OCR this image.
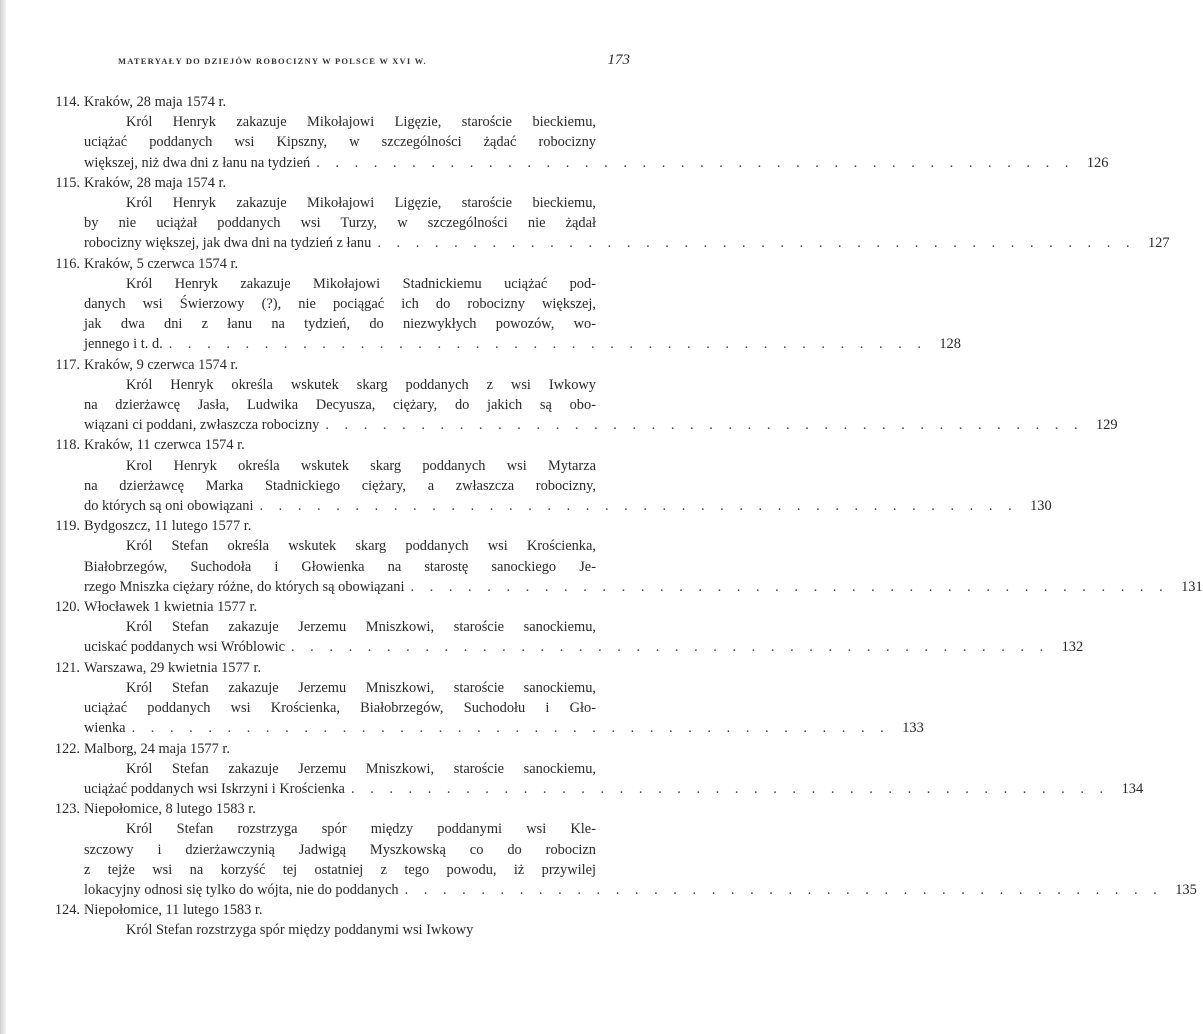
MATERYAŁY DO DZIEJÓW ROBOCIZNY W POLSCE W XVI W.	173
114. Kraków, 28 maja 1574 r.
Król Henryk zakazuje Mikołajowi Ligęzie, staroście bieckiemu,
uciążać poddanych wsi Kipszny, w szczególności żądać robocizny
większej, niż dwa dni z łanu na tydzień . . . . . . . . . . . . . . . . . . . . . . . . . . . . . . . . . . . . . . . . 126
115. Kraków, 28 maja 1574 r.
Król Henryk zakazuje Mikołajowi Ligęzie, staroście bieckiemu,
by nie uciążał poddanych wsi Turzy, w szczególności nie żądał
robocizny większej, jak dwa dni na tydzień z łanu . . . . . . . . . . . . . . . . . . . . . . . . . . . . . . . . . . . . . . . . 127
116. Kraków, 5 czerwca 1574 r.
Król Henryk zakazuje Mikołajowi Stadnickiemu uciążać pod-
danych wsi Świerzowy (?), nie pociągać ich do robocizny większej,
jak dwa dni z łanu na tydzień, do niezwykłych powozów, wo-
jennego i t. d. . . . . . . . . . . . . . . . . . . . . . . . . . . . . . . . . . . . . . . . . 128
117. Kraków, 9 czerwca 1574 r.
Król Henryk określa wskutek skarg poddanych z wsi Iwkowy
na dzierżawcę Jasła, Ludwika Decyusza, ciężary, do jakich są obo-
wiązani ci poddani, zwłaszcza robocizny . . . . . . . . . . . . . . . . . . . . . . . . . . . . . . . . . . . . . . . . 129
118. Kraków, 11 czerwca 1574 r.
Krol Henryk określa wskutek skarg poddanych wsi Mytarza
na dzierżawcę Marka Stadnickiego ciężary, a zwłaszcza robocizny,
do których są oni obowiązani . . . . . . . . . . . . . . . . . . . . . . . . . . . . . . . . . . . . . . . . 130
119. Bydgoszcz, 11 lutego 1577 r.
Król Stefan określa wskutek skarg poddanych wsi Krościenka,
Białobrzegów, Suchodoła i Głowienka na starostę sanockiego Je-
rzego Mniszka ciężary różne, do których są obowiązani . . . . . . . . . . . . . . . . . . . . . . . . . . . . . . . . . . . . . . . . 131
120. Włocławek 1 kwietnia 1577 r.
Król Stefan zakazuje Jerzemu Mniszkowi, staroście sanockiemu,
uciskać poddanych wsi Wróblowic . . . . . . . . . . . . . . . . . . . . . . . . . . . . . . . . . . . . . . . . 132
121. Warszawa, 29 kwietnia 1577 r.
Król Stefan zakazuje Jerzemu Mniszkowi, staroście sanockiemu,
uciążać poddanych wsi Krościenka, Białobrzegów, Suchodołu i Gło-
wienka . . . . . . . . . . . . . . . . . . . . . . . . . . . . . . . . . . . . . . . . 133
122. Malborg, 24 maja 1577 r.
Król Stefan zakazuje Jerzemu Mniszkowi, staroście sanockiemu,
uciążać poddanych wsi Iskrzyni i Krościenka . . . . . . . . . . . . . . . . . . . . . . . . . . . . . . . . . . . . . . . . 134
123. Niepołomice, 8 lutego 1583 r.
Król Stefan rozstrzyga spór między poddanymi wsi Kle-
szczowy i dzierżawczynią Jadwigą Myszkowską co do robocizn
z tejże wsi na korzyść tej ostatniej z tego powodu, iż przywilej
lokacyjny odnosi się tylko do wójta, nie do poddanych . . . . . . . . . . . . . . . . . . . . . . . . . . . . . . . . . . . . . . . . 135
124. Niepołomice, 11 lutego 1583 r.
Król Stefan rozstrzyga spór między poddanymi wsi Iwkowy
